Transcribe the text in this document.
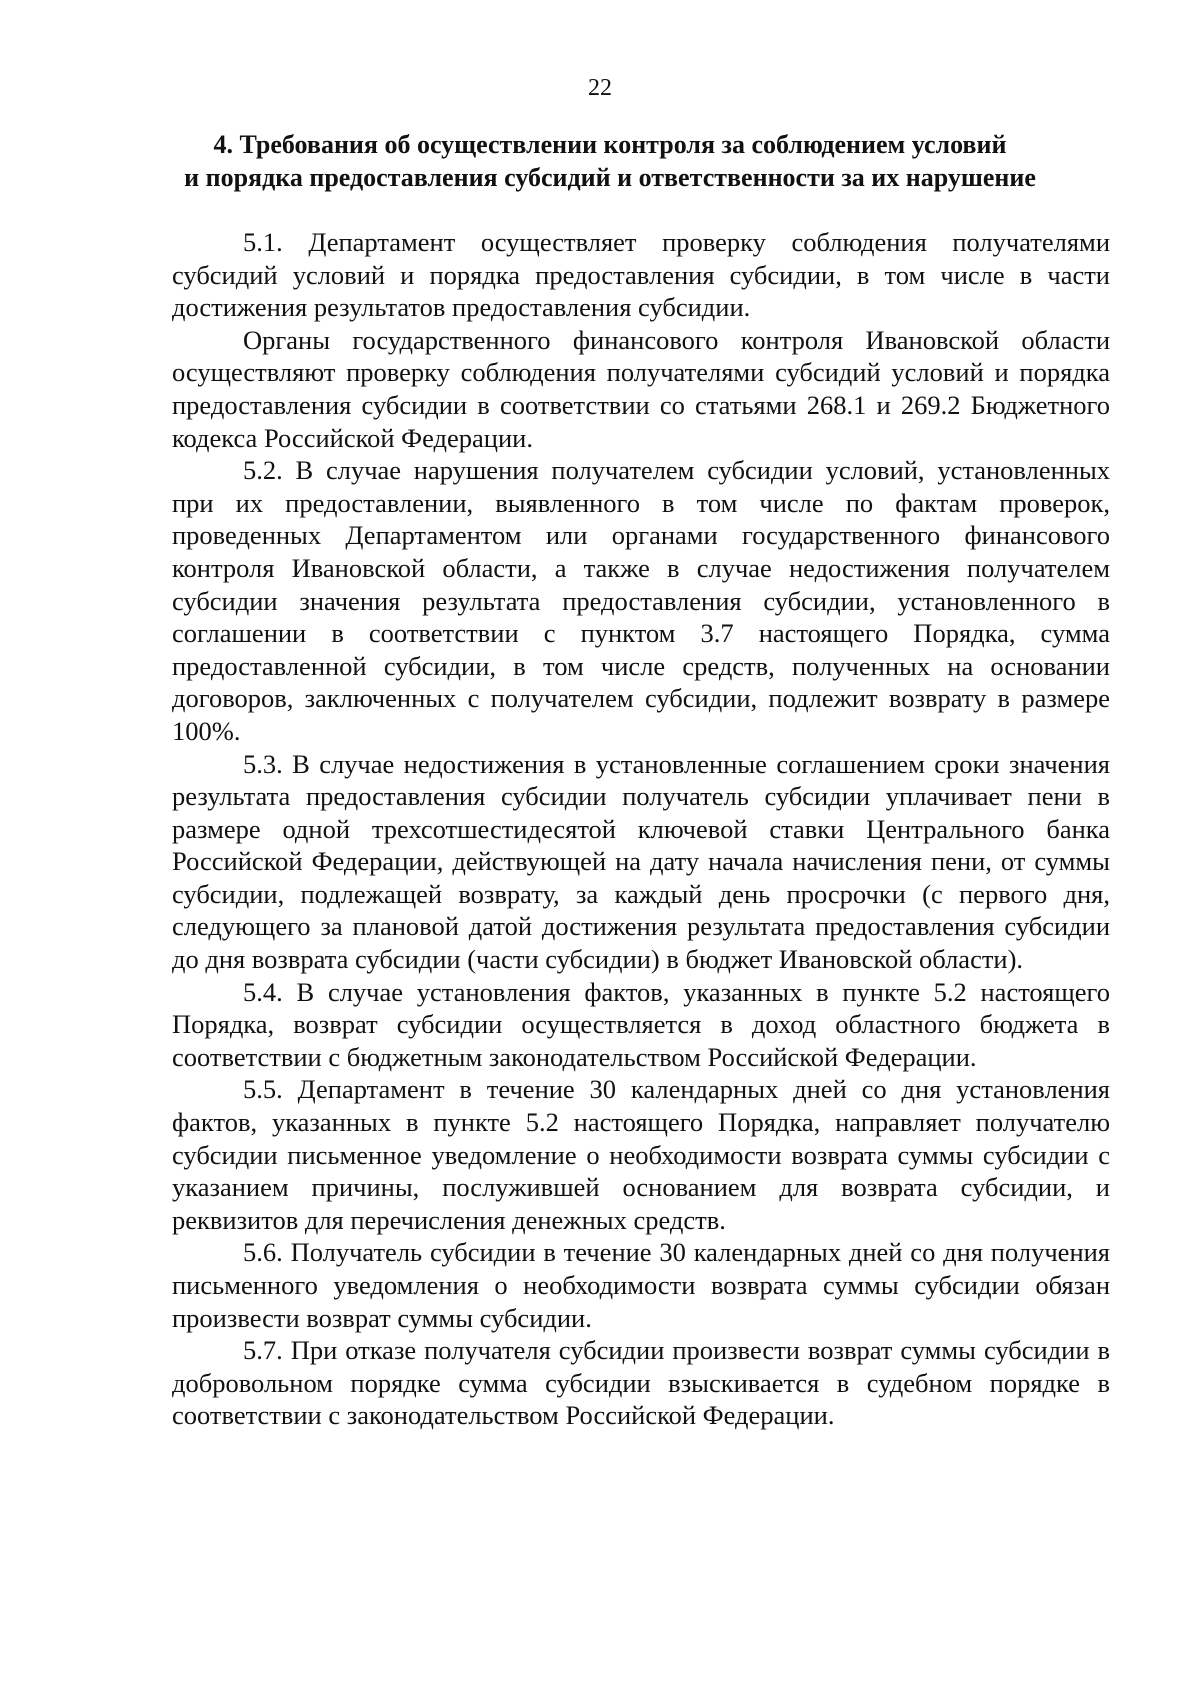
22
4. Требования об осуществлении контроля за соблюдением условий
и порядка предоставления субсидий и ответственности за их нарушение

5.1. Департамент осуществляет проверку соблюдения получателями субсидий условий и порядка предоставления субсидии, в том числе в части достижения результатов предоставления субсидии.

Органы государственного финансового контроля Ивановской области осуществляют проверку соблюдения получателями субсидий условий и порядка предоставления субсидии в соответствии со статьями 268.1 и 269.2 Бюджетного кодекса Российской Федерации.

5.2. В случае нарушения получателем субсидии условий, установленных при их предоставлении, выявленного в том числе по фактам проверок, проведенных Департаментом или органами государственного финансового контроля Ивановской области, а также в случае недостижения получателем субсидии значения результата предоставления субсидии, установленного в соглашении в соответствии с пунктом 3.7 настоящего Порядка, сумма предоставленной субсидии, в том числе средств, полученных на основании договоров, заключенных с получателем субсидии, подлежит возврату в размере 100%.

5.3. В случае недостижения в установленные соглашением сроки значения результата предоставления субсидии получатель субсидии уплачивает пени в размере одной трехсотшестидесятой ключевой ставки Центрального банка Российской Федерации, действующей на дату начала начисления пени, от суммы субсидии, подлежащей возврату, за каждый день просрочки (с первого дня, следующего за плановой датой достижения результата предоставления субсидии до дня возврата субсидии (части субсидии) в бюджет Ивановской области).

5.4. В случае установления фактов, указанных в пункте 5.2 настоящего Порядка, возврат субсидии осуществляется в доход областного бюджета в соответствии с бюджетным законодательством Российской Федерации.

5.5. Департамент в течение 30 календарных дней со дня установления фактов, указанных в пункте 5.2 настоящего Порядка, направляет получателю субсидии письменное уведомление о необходимости возврата суммы субсидии с указанием причины, послужившей основанием для возврата субсидии, и реквизитов для перечисления денежных средств.

5.6. Получатель субсидии в течение 30 календарных дней со дня получения письменного уведомления о необходимости возврата суммы субсидии обязан произвести возврат суммы субсидии.

5.7. При отказе получателя субсидии произвести возврат суммы субсидии в добровольном порядке сумма субсидии взыскивается в судебном порядке в соответствии с законодательством Российской Федерации.
